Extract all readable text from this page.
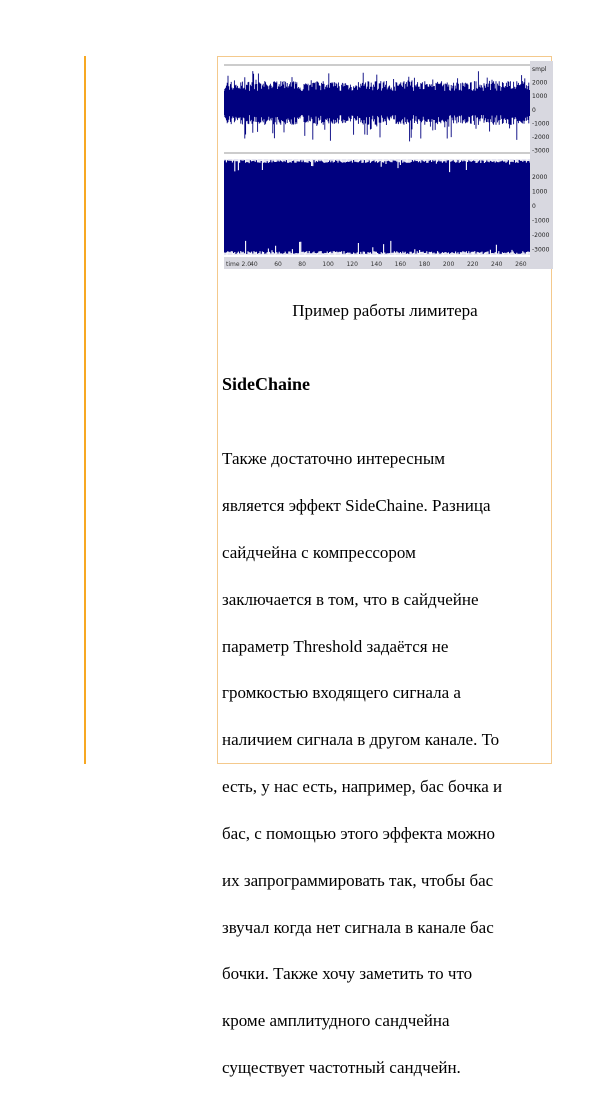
smpl
2000
1000
0
-1000
-2000
-3000
2000
1000
0
-1000
-2000
-3000
time 2.0 40	60	80	100 120 140 160 180 200 220 240 260
Пример работы лимитера
SideChaine

Также достаточно интересным

является эффект SideChaine. Разница

сайдчейна с компрессором

заключается в том, что в сайдчейне

параметр Threshold задаётся не

громкостью входящего сигнала а

наличием сигнала в другом канале. То

есть, у нас есть, например, бас бочка и

бас, с помощью этого эффекта можно

их запрограммировать так, чтобы бас

звучал когда нет сигнала в канале бас

бочки. Также хочу заметить то что

кроме амплитудного сандчейна

существует частотный сандчейн.
